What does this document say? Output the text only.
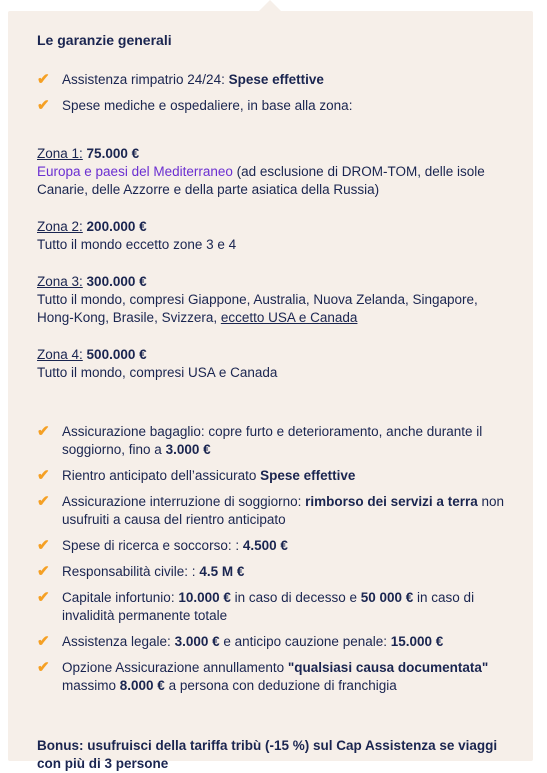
Le garanzie generali
✔ Assistenza rimpatrio 24/24: Spese effettive
✔ Spese mediche e ospedaliere, in base alla zona:
Zona 1: 75.000 €
Europa e paesi del Mediterraneo (ad esclusione di DROM-TOM, delle isole Canarie, delle Azzorre e della parte asiatica della Russia)
Zona 2: 200.000 €
Tutto il mondo eccetto zone 3 e 4
Zona 3: 300.000 €
Tutto il mondo, compresi Giappone, Australia, Nuova Zelanda, Singapore, Hong-Kong, Brasile, Svizzera, eccetto USA e Canada
Zona 4: 500.000 €
Tutto il mondo, compresi USA e Canada
✔ Assicurazione bagaglio: copre furto e deterioramento, anche durante il soggiorno, fino a 3.000 €
✔ Rientro anticipato dell’assicurato Spese effettive
✔ Assicurazione interruzione di soggiorno: rimborso dei servizi a terra non usufruiti a causa del rientro anticipato
✔ Spese di ricerca e soccorso: : 4.500 €
✔ Responsabilità civile: : 4.5 M €
✔ Capitale infortunio: 10.000 € in caso di decesso e 50 000 € in caso di invalidità permanente totale
✔ Assistenza legale: 3.000 € e anticipo cauzione penale: 15.000 €
✔ Opzione Assicurazione annullamento "qualsiasi causa documentata" massimo 8.000 € a persona con deduzione di franchigia
Bonus: usufruisci della tariffa tribù (-15 %) sul Cap Assistenza se viaggi con più di 3 persone
